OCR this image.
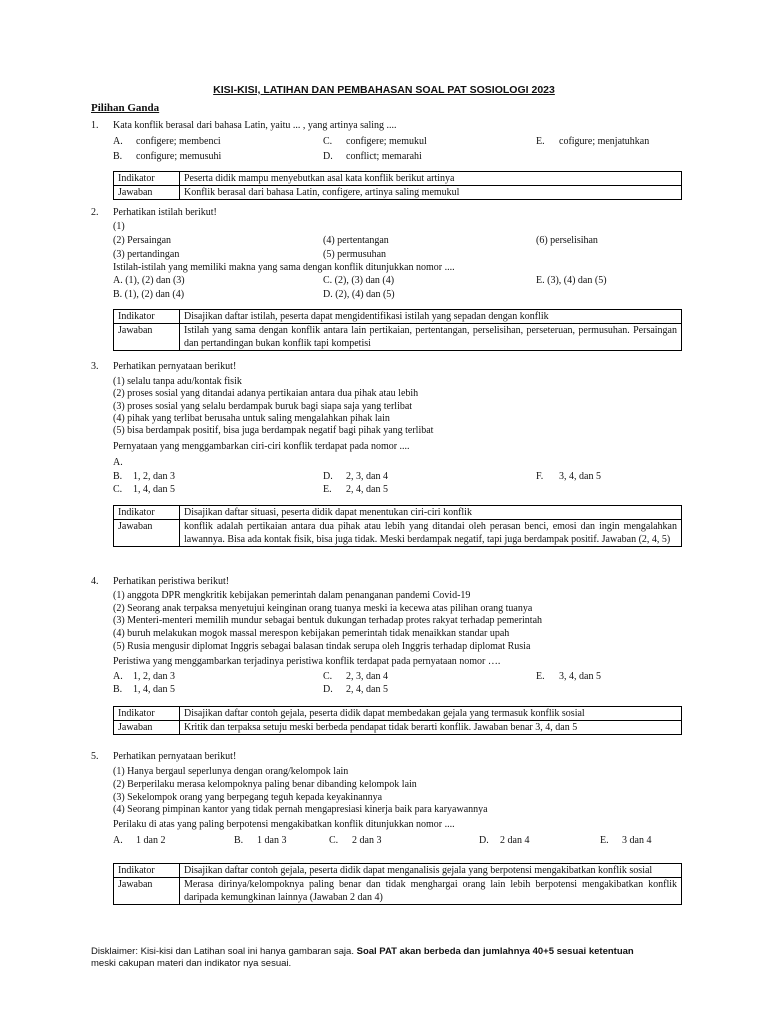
KISI-KISI, LATIHAN DAN PEMBAHASAN SOAL PAT SOSIOLOGI 2023
Pilihan Ganda
1. Kata konflik berasal dari bahasa Latin, yaitu ... , yang artinya saling ....
A. configere; membenci	C. configere; memukul	E. cofigure; menjatuhkan
B. configure; memusuhi	D. conflict; memarahi
Indikator	Peserta didik mampu menyebutkan asal kata konflik berikut artinya
Jawaban	Konflik berasal dari bahasa Latin, configere, artinya saling memukul
2. Perhatikan istilah berikut!
(1)
(2) Persaingan	(4) pertentangan	(6) perselisihan
(3) pertandingan	(5) permusuhan
Istilah-istilah yang memiliki makna yang sama dengan konflik ditunjukkan nomor ....
A. (1), (2) dan (3)	C. (2), (3) dan (4)	E. (3), (4) dan (5)
B. (1), (2) dan (4)	D. (2), (4) dan (5)
Indikator	Disajikan daftar istilah, peserta dapat mengidentifikasi istilah yang sepadan dengan konflik
Jawaban	Istilah yang sama dengan konflik antara lain pertikaian, pertentangan, perselisihan, perseteruan, permusuhan. Persaingan dan pertandingan bukan konflik tapi kompetisi
3. Perhatikan pernyataan berikut!
(1) selalu tanpa adu/kontak fisik
(2) proses sosial yang ditandai adanya pertikaian antara dua pihak atau lebih
(3) proses sosial yang selalu berdampak buruk bagi siapa saja yang terlibat
(4) pihak yang terlibat berusaha untuk saling mengalahkan pihak lain
(5) bisa berdampak positif, bisa juga berdampak negatif bagi pihak yang terlibat
Pernyataan yang menggambarkan ciri-ciri konflik terdapat pada nomor ....
A.
B. 1, 2, dan 3	D. 2, 3, dan 4	F. 3, 4, dan 5
C. 1, 4, dan 5	E. 2, 4, dan 5
Indikator	Disajikan daftar situasi, peserta didik dapat menentukan ciri-ciri konflik
Jawaban	konflik adalah pertikaian antara dua pihak atau lebih yang ditandai oleh perasan benci, emosi dan ingin mengalahkan lawannya. Bisa ada kontak fisik, bisa juga tidak. Meski berdampak negatif, tapi juga berdampak positif. Jawaban (2, 4, 5)
4. Perhatikan peristiwa berikut!
(1) anggota DPR mengkritik kebijakan pemerintah dalam penanganan pandemi Covid-19
(2) Seorang anak terpaksa menyetujui keinginan orang tuanya meski ia kecewa atas pilihan orang tuanya
(3) Menteri-menteri memilih mundur sebagai bentuk dukungan terhadap protes rakyat terhadap pemerintah
(4) buruh melakukan mogok massal merespon kebijakan pemerintah tidak menaikkan standar upah
(5) Rusia mengusir diplomat Inggris sebagai balasan tindak serupa oleh Inggris terhadap diplomat Rusia
Peristiwa yang menggambarkan terjadinya peristiwa konflik terdapat pada pernyataan nomor ….
A. 1, 2, dan 3	C. 2, 3, dan 4	E. 3, 4, dan 5
B. 1, 4, dan 5	D. 2, 4, dan 5
Indikator	Disajikan daftar contoh gejala, peserta didik dapat membedakan gejala yang termasuk konflik sosial
Jawaban	Kritik dan terpaksa setuju meski berbeda pendapat tidak berarti konflik. Jawaban benar 3, 4, dan 5
5. Perhatikan pernyataan berikut!
(1) Hanya bergaul seperlunya dengan orang/kelompok lain
(2) Berperilaku merasa kelompoknya paling benar dibanding kelompok lain
(3) Sekelompok orang yang berpegang teguh kepada keyakinannya
(4) Seorang pimpinan kantor yang tidak pernah mengapresiasi kinerja baik para karyawannya
Perilaku di atas yang paling berpotensi mengakibatkan konflik ditunjukkan nomor ....
A. 1 dan 2	B. 1 dan 3	C. 2 dan 3	D. 2 dan 4	E. 3 dan 4
Indikator	Disajikan daftar contoh gejala, peserta didik dapat menganalisis gejala yang berpotensi mengakibatkan konflik sosial
Jawaban	Merasa dirinya/kelompoknya paling benar dan tidak menghargai orang lain lebih berpotensi mengakibatkan konflik daripada kemungkinan lainnya (Jawaban 2 dan 4)
Disklaimer: Kisi-kisi dan Latihan soal ini hanya gambaran saja. Soal PAT akan berbeda dan jumlahnya 40+5 sesuai ketentuan
meski cakupan materi dan indikator nya sesuai.
